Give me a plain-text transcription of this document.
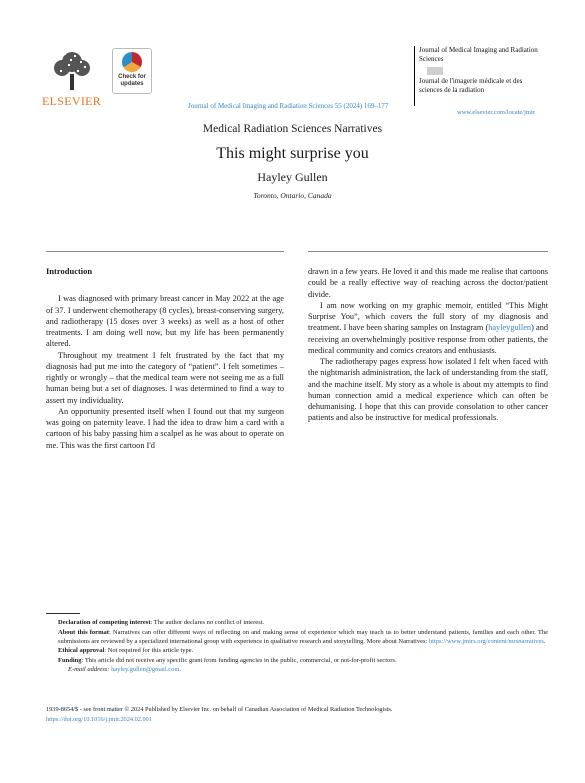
ELSEVIER
Check for updates
Journal of Medical Imaging and Radiation Sciences 55 (2024) 169–177
Journal of Medical Imaging and Radiation Sciences
Journal de l'imagerie médicale et des sciences de la radiation
www.elsevier.com/locate/jmir
Medical Radiation Sciences Narratives
This might surprise you
Hayley Gullen
Toronto, Ontario, Canada
Introduction

I was diagnosed with primary breast cancer in May 2022 at the age of 37. I underwent chemotherapy (8 cycles), breast-conserving surgery, and radiotherapy (15 doses over 3 weeks) as well as a host of other treatments. I am doing well now, but my life has been permanently altered.

Throughout my treatment I felt frustrated by the fact that my diagnosis had put me into the category of “patient”. I felt sometimes – rightly or wrongly – that the medical team were not seeing me as a full human being but a set of diagnoses. I was determined to find a way to assert my individuality.

An opportunity presented itself when I found out that my surgeon was going on paternity leave. I had the idea to draw him a card with a cartoon of his baby passing him a scalpel as he was about to operate on me. This was the first cartoon I'd

drawn in a few years. He loved it and this made me realise that cartoons could be a really effective way of reaching across the doctor/patient divide.

I am now working on my graphic memoir, entitled “This Might Surprise You”, which covers the full story of my diagnosis and treatment. I have been sharing samples on Instagram (hayleygullen) and receiving an overwhelmingly positive response from other patients, the medical community and comics creators and enthusiasts.

The radiotherapy pages express how isolated I felt when faced with the nightmarish administration, the lack of understanding from the staff, and the machine itself. My story as a whole is about my attempts to find human connection amid a medical experience which can often be dehumanising. I hope that this can provide consolation to other cancer patients and also be instructive for medical professionals.

Declaration of competing interest: The author declares no conflict of interest.
About this format: Narratives can offer different ways of reflecting on and making sense of experience which may teach us to better understand patients, families and each other. The submissions are reviewed by a specialized international group with experience in qualitative research and storytelling. More about Narratives: https://www.jmirs.org/content/mrsnarratives.
Ethical approval: Not required for this article type.
Funding: This article did not receive any specific grant from funding agencies in the public, commercial, or not-for-profit sectors.
E-mail address: hayley.gullen@gmail.com.
1939-8654/$ - see front matter © 2024 Published by Elsevier Inc. on behalf of Canadian Association of Medical Radiation Technologists.
https://doi.org/10.1016/j.jmir.2024.02.001
